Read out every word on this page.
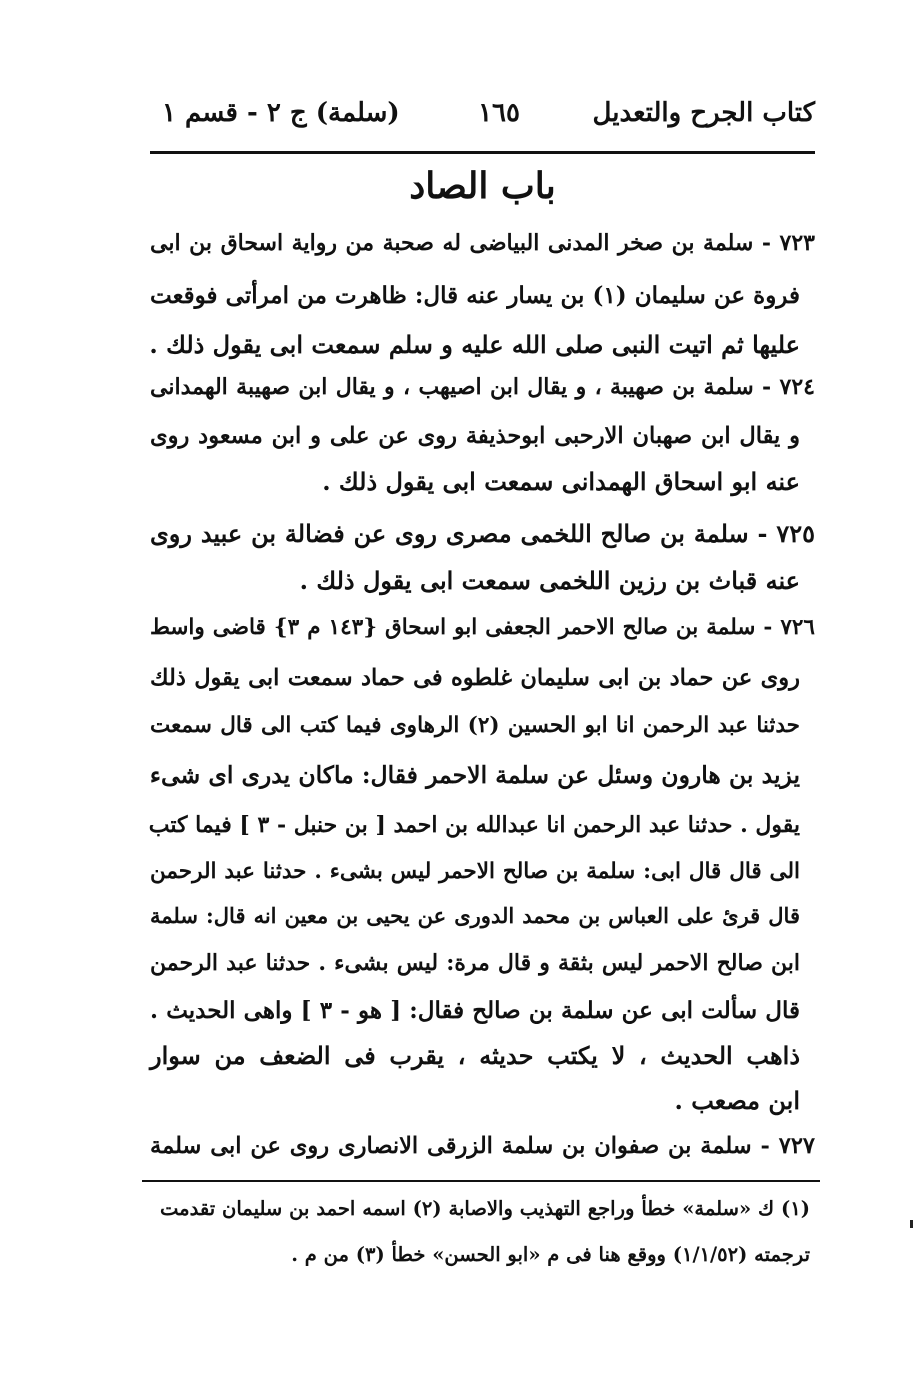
كتاب الجرح والتعديل
١٦٥
(سلمة) ج ٢ - قسم ١
باب الصاد
٧٢٣ - سلمة بن صخر المدنى البياضى له صحبة من رواية اسحاق بن ابى
فروة عن سليمان (١) بن يسار عنه قال: ظاهرت من امرأتى فوقعت
عليها ثم اتيت النبى صلى الله عليه و سلم سمعت ابى يقول ذلك .
٧٢٤ - سلمة بن صهيبة ، و يقال ابن اصيهب ، و يقال ابن صهيبة الهمدانى
و يقال ابن صهبان الارحبى ابوحذيفة روى عن على و ابن مسعود روى
عنه ابو اسحاق الهمدانى سمعت ابى يقول ذلك .
٧٢٥ - سلمة بن صالح اللخمى مصرى روى عن فضالة بن عبيد روى
عنه قباث بن رزين اللخمى سمعت ابى يقول ذلك .
٧٢٦ - سلمة بن صالح الاحمر الجعفى ابو اسحاق {١٤٣ م ٣} قاضى واسط
روى عن حماد بن ابى سليمان غلطوه فى حماد سمعت ابى يقول ذلك
حدثنا عبد الرحمن انا ابو الحسين (٢) الرهاوى فيما كتب الى قال سمعت
يزيد بن هارون وسئل عن سلمة الاحمر فقال: ماكان يدرى اى شىء
يقول . حدثنا عبد الرحمن انا عبدالله بن احمد [ بن حنبل - ٣ ] فيما كتب
الى قال قال ابى: سلمة بن صالح الاحمر ليس بشىء . حدثنا عبد الرحمن
قال قرئ على العباس بن محمد الدورى عن يحيى بن معين انه قال: سلمة
ابن صالح الاحمر ليس بثقة و قال مرة: ليس بشىء . حدثنا عبد الرحمن
قال سألت ابى عن سلمة بن صالح فقال: [ هو - ٣ ] واهى الحديث .
ذاهب الحديث ، لا يكتب حديثه ، يقرب فى الضعف من سوار
ابن مصعب .
٧٢٧ - سلمة بن صفوان بن سلمة الزرقى الانصارى روى عن ابى سلمة
(١) ك «سلمة» خطأ وراجع التهذيب والاصابة (٢) اسمه احمد بن سليمان تقدمت
ترجمته (١/١/٥٢) ووقع هنا فى م «ابو الحسن» خطأ (٣) من م .
